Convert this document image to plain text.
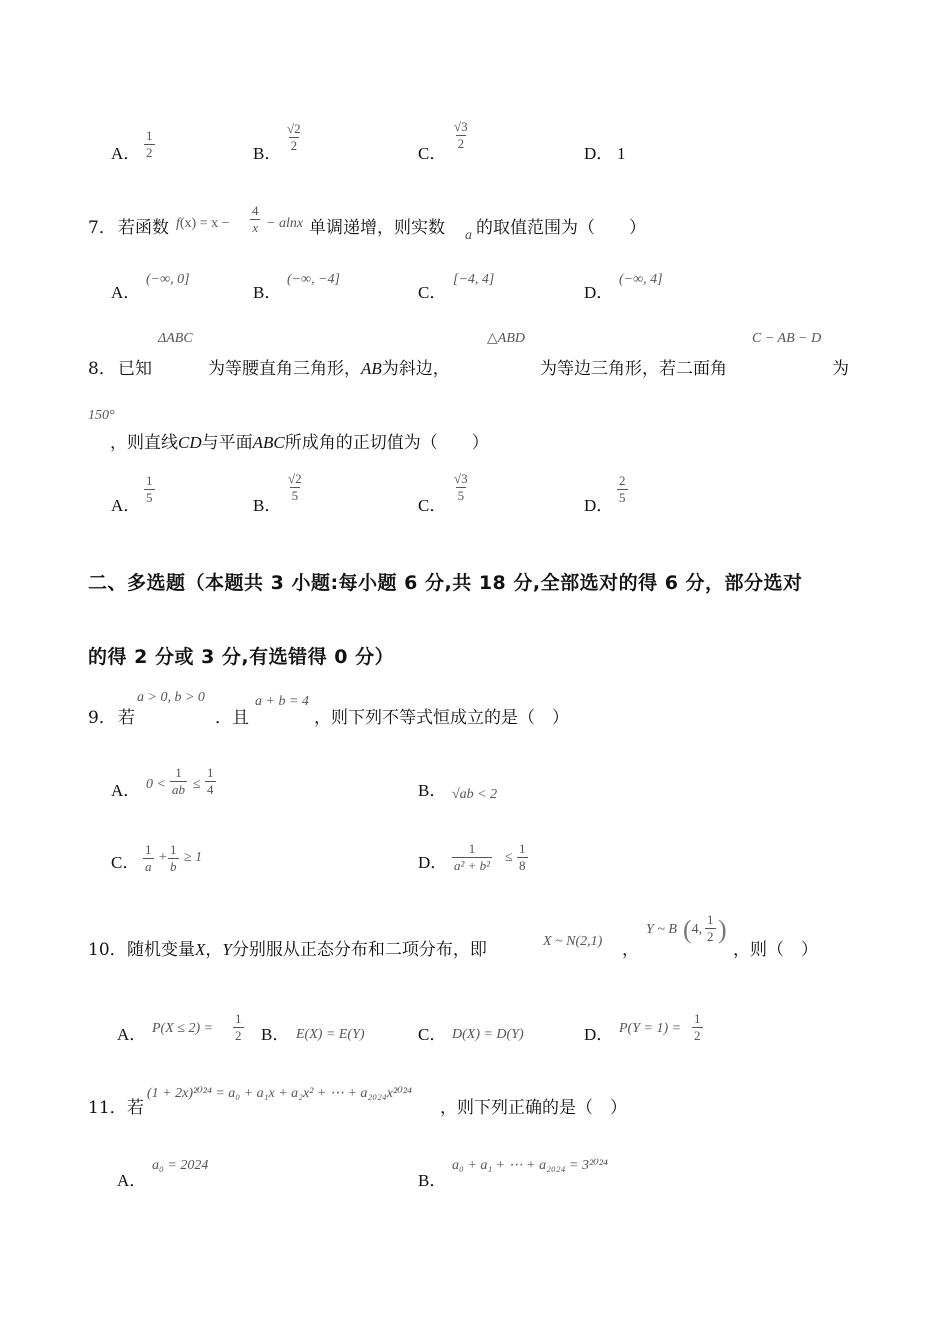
A． $\frac{1}{2}$	B．
$\frac{√2}{2}$
C．
$\frac{√3}{2}$
D． 1
7． 若函数 $f(x) = x - \frac{4}{x} - alnx$ 单调递增，则实数 a 的取值范围为（　　）
A．
(−∞, 0]
B．
(−∞, −4]
C．
[−4, 4]
D．
(−∞, 4]
ΔABC	△ABD	C − AB − D
8． 已知	为等腰直角三角形，AB为斜边，	为等边三角形，若二面角	为
150°
，则直线CD与平面ABC所成角的正切值为（　　）
A．
$\frac{1}{5}$
B．
$\frac{√2}{5}$
C．
$\frac{√3}{5}$
D．
$\frac{2}{5}$
二、多选题（本题共 3 小题:每小题 6 分,共 18 分,全部选对的得 6 分，部分选对
的得 2 分或 3 分,有选错得 0 分）
9． 若
a > 0, b > 0
．且
a + b = 4
，则下列不等式恒成立的是（　）
A． $0 < \frac{1}{ab} \le \frac{1}{4}$	B． √ab < 2
C． $\frac{1}{a} + \frac{1}{b} \ge 1$	D． $\frac{1}{\text{a² + b²}} \le \frac{1}{8}$
10． 随机变量X，Y分别服从正态分布和二项分布，即	X ~ N(2,1) ，
Y ~ B (4, $\frac{1}{2}$ )
，则（　）
A． $P(X \le 2) = \frac{1}{2}$ B． E(X) = E(Y)	C． D(X) = D(Y)	D． $P(Y = 1) = \frac{1}{2}$
11． 若
(1 + 2x)²⁰²⁴ = a₀ + a₁x + a₂x² + ⋯ + a₂₀₂₄x²⁰²⁴
，则下列正确的是（　）
A．
a₀ = 2024
B．
a₀ + a₁ + ⋯ + a₂₀₂₄ = 3²⁰²⁴
